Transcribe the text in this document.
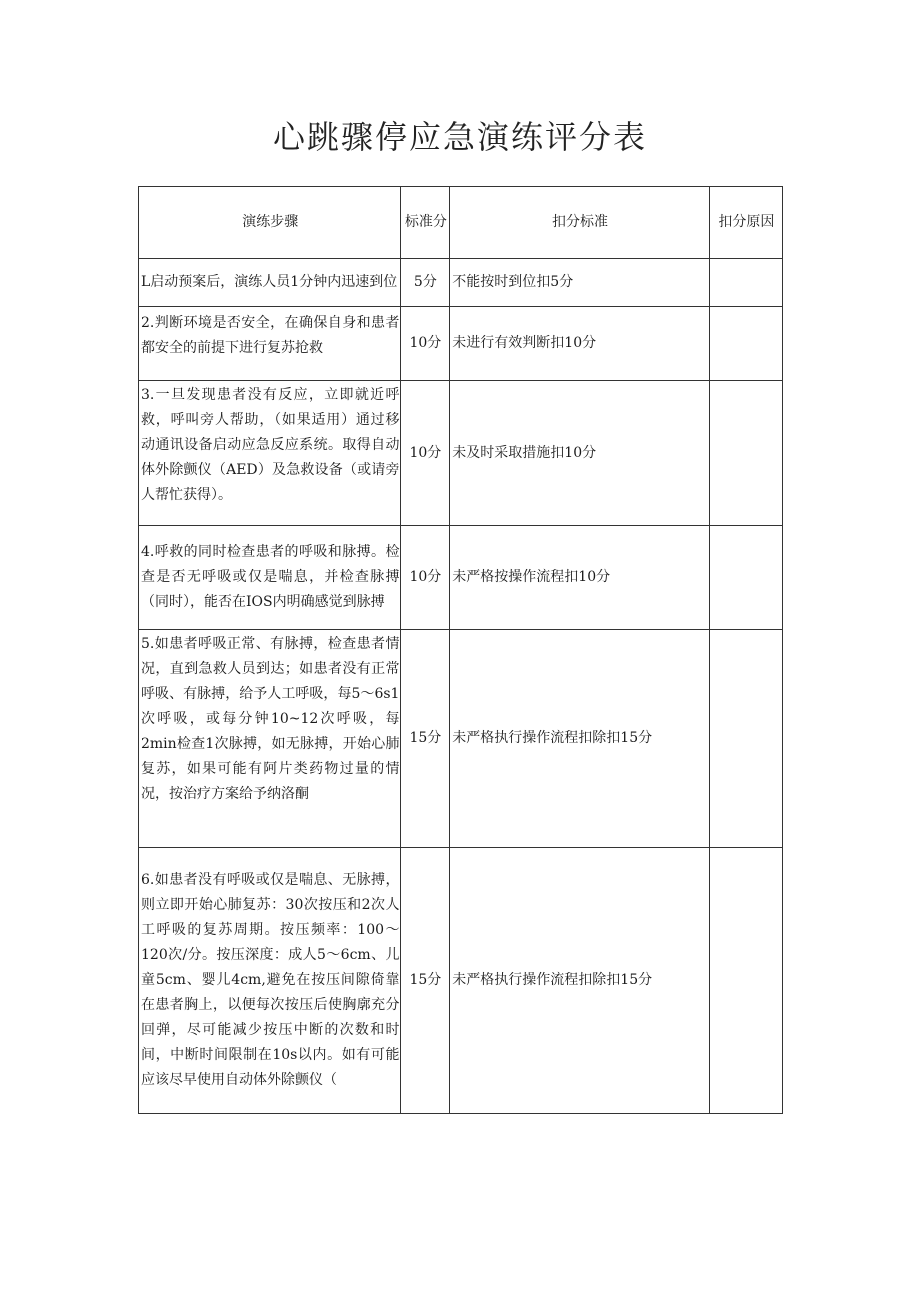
心跳骤停应急演练评分表
演练步骤	标准分	扣分标准	扣分原因
L启动预案后，演练人员1分钟内迅速到位	5分	不能按时到位扣5分	
2.判断环境是否安全，在确保自身和患者都安全的前提下进行复苏抢救	10分	未进行有效判断扣10分	
3.一旦发现患者没有反应，立即就近呼救，呼叫旁人帮助，（如果适用）通过移动通讯设备启动应急反应系统。取得自动体外除颤仪（AED）及急救设备（或请旁人帮忙获得）。	10分	未及时采取措施扣10分	
4.呼救的同时检查患者的呼吸和脉搏。检查是否无呼吸或仅是喘息，并检查脉搏（同时），能否在IOS内明确感觉到脉搏	10分	未严格按操作流程扣10分	
5.如患者呼吸正常、有脉搏，检查患者情况，直到急救人员到达；如患者没有正常呼吸、有脉搏，给予人工呼吸，每5～6s1次呼吸，或每分钟10~12次呼吸，每2min检查1次脉搏，如无脉搏，开始心肺复苏，如果可能有阿片类药物过量的情况，按治疗方案给予纳洛酮	15分	未严格执行操作流程扣除扣15分	
6.如患者没有呼吸或仅是喘息、无脉搏，则立即开始心肺复苏：30次按压和2次人工呼吸的复苏周期。按压频率：100～120次/分。按压深度：成人5～6cm、儿童5cm、婴儿4cm,避免在按压间隙倚靠在患者胸上，以便每次按压后使胸廓充分回弹，尽可能减少按压中断的次数和时间，中断时间限制在10s以内。如有可能应该尽早使用自动体外除颤仪（	15分	未严格执行操作流程扣除扣15分	
